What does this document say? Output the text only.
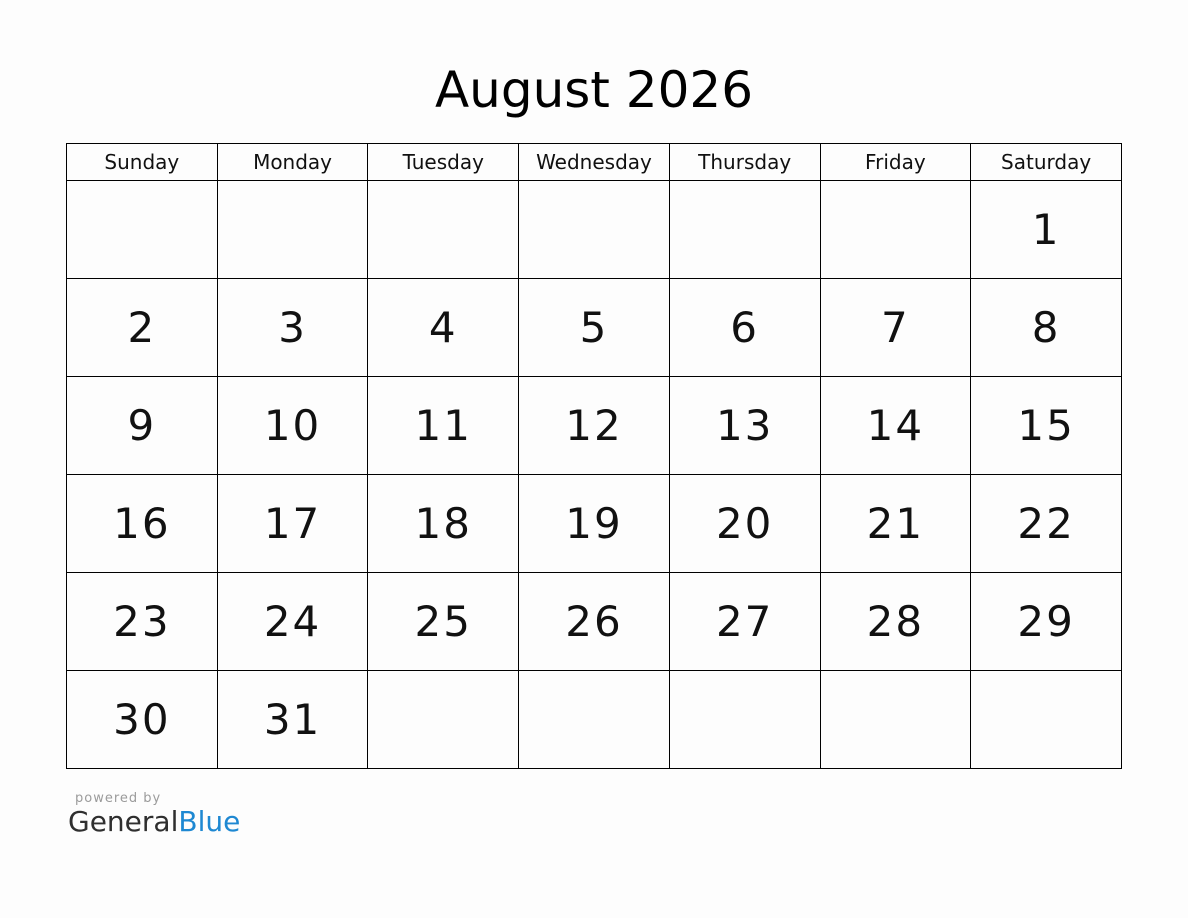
August 2026
Sunday	Monday	Tuesday	Wednesday	Thursday	Friday	Saturday
						1
2	3	4	5	6	7	8
9	10	11	12	13	14	15
16	17	18	19	20	21	22
23	24	25	26	27	28	29
30	31					
powered by
GeneralBlue
